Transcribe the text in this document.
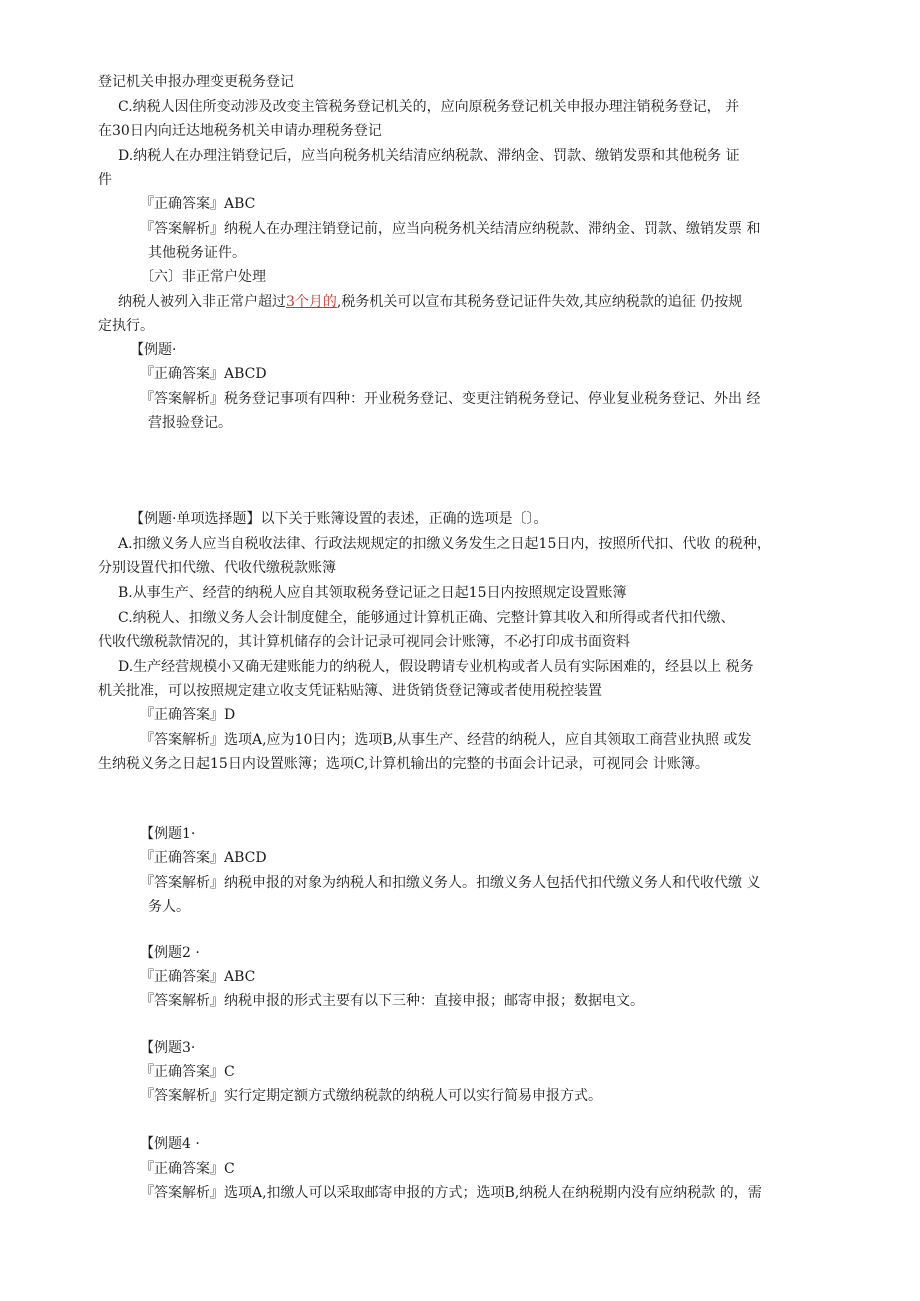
登记机关申报办理变更税务登记
C.纳税人因住所变动涉及改变主管税务登记机关的，应向原税务登记机关申报办理注销税务登记， 并
在30日内向迁达地税务机关申请办理税务登记
D.纳税人在办理注销登记后，应当向税务机关结清应纳税款、滞纳金、罚款、缴销发票和其他税务 证
件
『正确答案』ABC
『答案解析』纳税人在办理注销登记前，应当向税务机关结清应纳税款、滞纳金、罚款、缴销发票 和
其他税务证件。
〔六〕非正常户处理
纳税人被列入非正常户超过3个月的,税务机关可以宣布其税务登记证件失效,其应纳税款的追征 仍按规
定执行。
【例题·
『正确答案』ABCD
『答案解析』税务登记事项有四种：开业税务登记、变更注销税务登记、停业复业税务登记、外出 经
营报验登记。
【例题·单项选择题】以下关于账簿设置的表述，正确的选项是〔〕。
A.扣缴义务人应当自税收法律、行政法规规定的扣缴义务发生之日起15日内，按照所代扣、代收 的税种，
分别设置代扣代缴、代收代缴税款账簿
B.从事生产、经营的纳税人应自其领取税务登记证之日起15日内按照规定设置账簿
C.纳税人、扣缴义务人会计制度健全，能够通过计算机正确、完整计算其收入和所得或者代扣代缴、
代收代缴税款情况的，其计算机储存的会计记录可视同会计账簿，不必打印成书面资料
D.生产经营规模小又确无建账能力的纳税人，假设聘请专业机构或者人员有实际困难的，经县以上 税务
机关批准，可以按照规定建立收支凭证粘贴簿、进货销货登记簿或者使用税控装置
『正确答案』D
『答案解析』选项A,应为10日内；选项B,从事生产、经营的纳税人，应自其领取工商营业执照 或发
生纳税义务之日起15日内设置账簿；选项C,计算机输出的完整的书面会计记录，可视同会 计账簿。
【例题1·
『正确答案』ABCD
『答案解析』纳税申报的对象为纳税人和扣缴义务人。扣缴义务人包括代扣代缴义务人和代收代缴 义
务人。
【例题2 ·
『正确答案』ABC
『答案解析』纳税申报的形式主要有以下三种：直接申报；邮寄申报；数据电文。
【例题3·
『正确答案』C
『答案解析』实行定期定额方式缴纳税款的纳税人可以实行简易申报方式。
【例题4 ·
『正确答案』C
『答案解析』选项A,扣缴人可以采取邮寄申报的方式；选项B,纳税人在纳税期内没有应纳税款 的，需
